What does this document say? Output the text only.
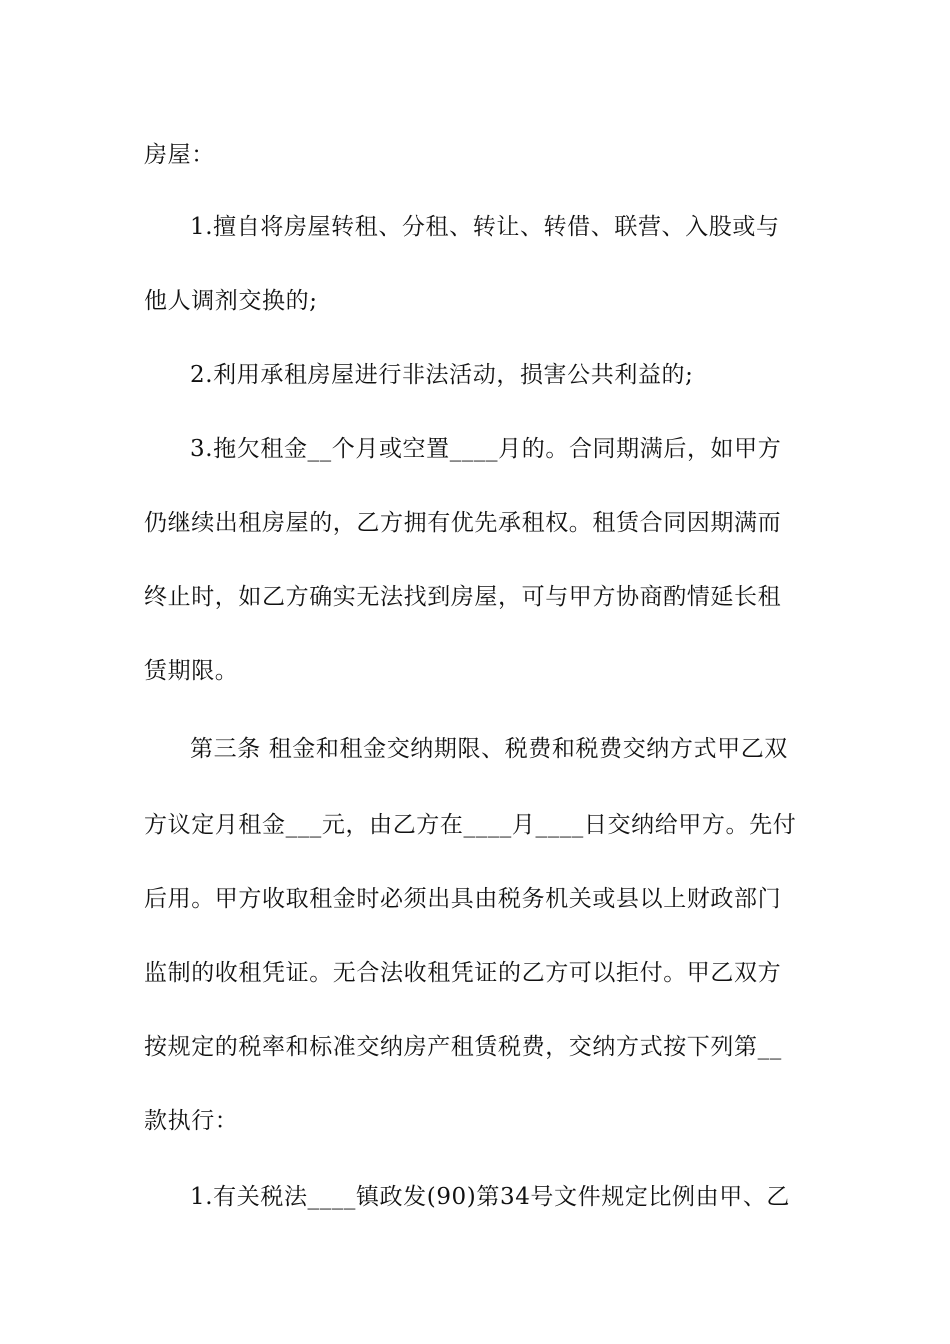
房屋：
1.擅自将房屋转租、分租、转让、转借、联营、入股或与
他人调剂交换的;
2.利用承租房屋进行非法活动，损害公共利益的;
3.拖欠租金__个月或空置____月的。合同期满后，如甲方
仍继续出租房屋的，乙方拥有优先承租权。租赁合同因期满而
终止时，如乙方确实无法找到房屋，可与甲方协商酌情延长租
赁期限。
第三条 租金和租金交纳期限、税费和税费交纳方式甲乙双
方议定月租金___元，由乙方在____月____日交纳给甲方。先付
后用。甲方收取租金时必须出具由税务机关或县以上财政部门
监制的收租凭证。无合法收租凭证的乙方可以拒付。甲乙双方
按规定的税率和标准交纳房产租赁税费，交纳方式按下列第__
款执行：
1.有关税法____镇政发(90)第34号文件规定比例由甲、乙
